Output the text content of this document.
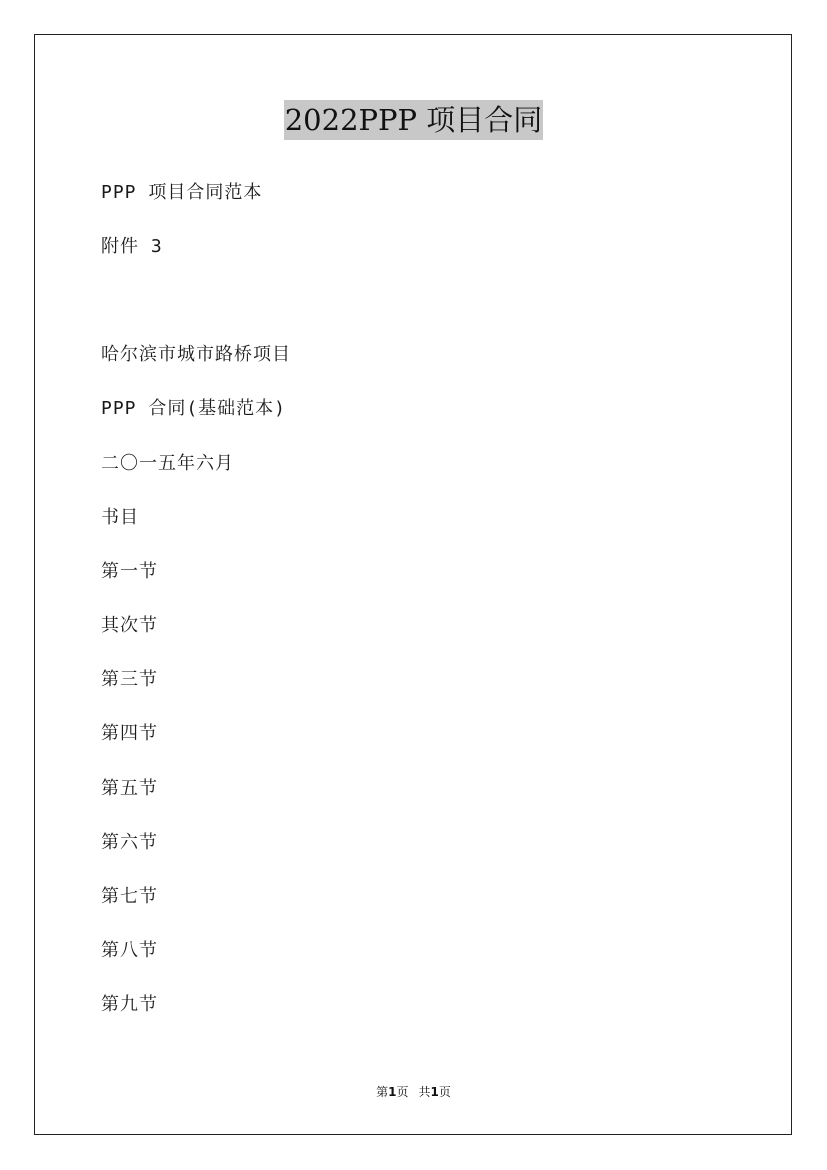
2022PPP 项目合同
PPP 项目合同范本
附件 3
哈尔滨市城市路桥项目
PPP 合同(基础范本)
二〇一五年六月
书目
第一节
其次节
第三节
第四节
第五节
第六节
第七节
第八节
第九节
第1页 共1页
